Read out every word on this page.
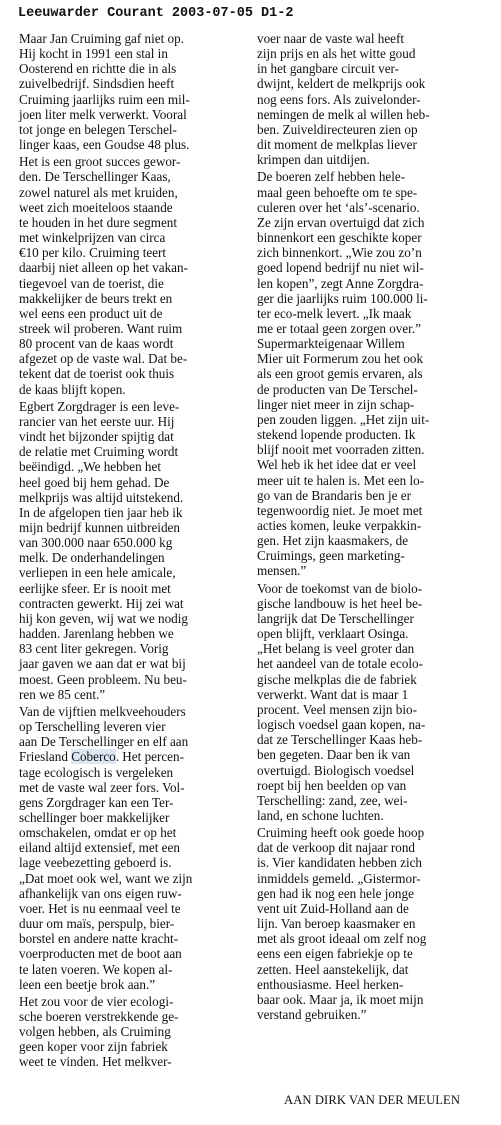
Leeuwarder Courant 2003-07-05 D1-2
Maar Jan Cruiming gaf niet op.
Hij kocht in 1991 een stal in
Oosterend en richtte die in als
zuivelbedrijf. Sindsdien heeft
Cruiming jaarlijks ruim een mil-
joen liter melk verwerkt. Vooral
tot jonge en belegen Terschel-
linger kaas, een Goudse 48 plus.
Het is een groot succes gewor-
den. De Terschellinger Kaas,
zowel naturel als met kruiden,
weet zich moeiteloos staande
te houden in het dure segment
met winkelprijzen van circa
€10 per kilo. Cruiming teert
daarbij niet alleen op het vakan-
tiegevoel van de toerist, die
makkelijker de beurs trekt en
wel eens een product uit de
streek wil proberen. Want ruim
80 procent van de kaas wordt
afgezet op de vaste wal. Dat be-
tekent dat de toerist ook thuis
de kaas blijft kopen.
Egbert Zorgdrager is een leve-
rancier van het eerste uur. Hij
vindt het bijzonder spijtig dat
de relatie met Cruiming wordt
beëindigd. „We hebben het
heel goed bij hem gehad. De
melkprijs was altijd uitstekend.
In de afgelopen tien jaar heb ik
mijn bedrijf kunnen uitbreiden
van 300.000 naar 650.000 kg
melk. De onderhandelingen
verliepen in een hele amicale,
eerlijke sfeer. Er is nooit met
contracten gewerkt. Hij zei wat
hij kon geven, wij wat we nodig
hadden. Jarenlang hebben we
83 cent liter gekregen. Vorig
jaar gaven we aan dat er wat bij
moest. Geen probleem. Nu beu-
ren we 85 cent.”
Van de vijftien melkveehouders
op Terschelling leveren vier
aan De Terschellinger en elf aan
Friesland Coberco. Het percen-
tage ecologisch is vergeleken
met de vaste wal zeer fors. Vol-
gens Zorgdrager kan een Ter-
schellinger boer makkelijker
omschakelen, omdat er op het
eiland altijd extensief, met een
lage veebezetting geboerd is.
„Dat moet ook wel, want we zijn
afhankelijk van ons eigen ruw-
voer. Het is nu eenmaal veel te
duur om maïs, perspulp, bier-
borstel en andere natte kracht-
voerproducten met de boot aan
te laten voeren. We kopen al-
leen een beetje brok aan.”
Het zou voor de vier ecologi-
sche boeren verstrekkende ge-
volgen hebben, als Cruiming
geen koper voor zijn fabriek
weet te vinden. Het melkver-
voer naar de vaste wal heeft
zijn prijs en als het witte goud
in het gangbare circuit ver-
dwijnt, keldert de melkprijs ook
nog eens fors. Als zuivelonder-
nemingen de melk al willen heb-
ben. Zuiveldirecteuren zien op
dit moment de melkplas liever
krimpen dan uitdijen.
De boeren zelf hebben hele-
maal geen behoefte om te spe-
culeren over het ‘als’-scenario.
Ze zijn ervan overtuigd dat zich
binnenkort een geschikte koper
zich binnenkort. „Wie zou zo’n
goed lopend bedrijf nu niet wil-
len kopen”, zegt Anne Zorgdra-
ger die jaarlijks ruim 100.000 li-
ter eco-melk levert. „Ik maak
me er totaal geen zorgen over.”
Supermarkteigenaar Willem
Mier uit Formerum zou het ook
als een groot gemis ervaren, als
de producten van De Terschel-
linger niet meer in zijn schap-
pen zouden liggen. „Het zijn uit-
stekend lopende producten. Ik
blijf nooit met voorraden zitten.
Wel heb ik het idee dat er veel
meer uit te halen is. Met een lo-
go van de Brandaris ben je er
tegenwoordig niet. Je moet met
acties komen, leuke verpakkin-
gen. Het zijn kaasmakers, de
Cruimings, geen marketing-
mensen.”
Voor de toekomst van de biolo-
gische landbouw is het heel be-
langrijk dat De Terschellinger
open blijft, verklaart Osinga.
„Het belang is veel groter dan
het aandeel van de totale ecolo-
gische melkplas die de fabriek
verwerkt. Want dat is maar 1
procent. Veel mensen zijn bio-
logisch voedsel gaan kopen, na-
dat ze Terschellinger Kaas heb-
ben gegeten. Daar ben ik van
overtuigd. Biologisch voedsel
roept bij hen beelden op van
Terschelling: zand, zee, wei-
land, en schone luchten.
Cruiming heeft ook goede hoop
dat de verkoop dit najaar rond
is. Vier kandidaten hebben zich
inmiddels gemeld. „Gistermor-
gen had ik nog een hele jonge
vent uit Zuid-Holland aan de
lijn. Van beroep kaasmaker en
met als groot ideaal om zelf nog
eens een eigen fabriekje op te
zetten. Heel aanstekelijk, dat
enthousiasme. Heel herken-
baar ook. Maar ja, ik moet mijn
verstand gebruiken.”
AAN DIRK VAN DER MEULEN
